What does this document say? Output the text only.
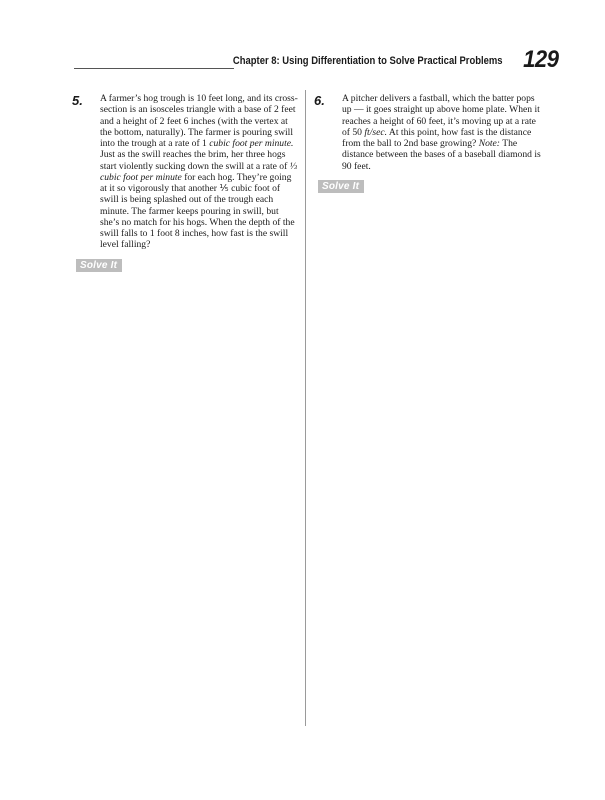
Chapter 8: Using Differentiation to Solve Practical Problems 129
5. A farmer’s hog trough is 10 feet long, and its cross-section is an isosceles triangle with a base of 2 feet and a height of 2 feet 6 inches (with the vertex at the bottom, naturally). The farmer is pouring swill into the trough at a rate of 1 cubic foot per minute. Just as the swill reaches the brim, her three hogs start violently sucking down the swill at a rate of ⅓ cubic foot per minute for each hog. They’re going at it so vigorously that another ⅕ cubic foot of swill is being splashed out of the trough each minute. The farmer keeps pouring in swill, but she’s no match for his hogs. When the depth of the swill falls to 1 foot 8 inches, how fast is the swill level falling?
Solve It
6. A pitcher delivers a fastball, which the batter pops up — it goes straight up above home plate. When it reaches a height of 60 feet, it’s moving up at a rate of 50 ft/sec. At this point, how fast is the distance from the ball to 2nd base growing? Note: The distance between the bases of a baseball diamond is 90 feet.
Solve It
